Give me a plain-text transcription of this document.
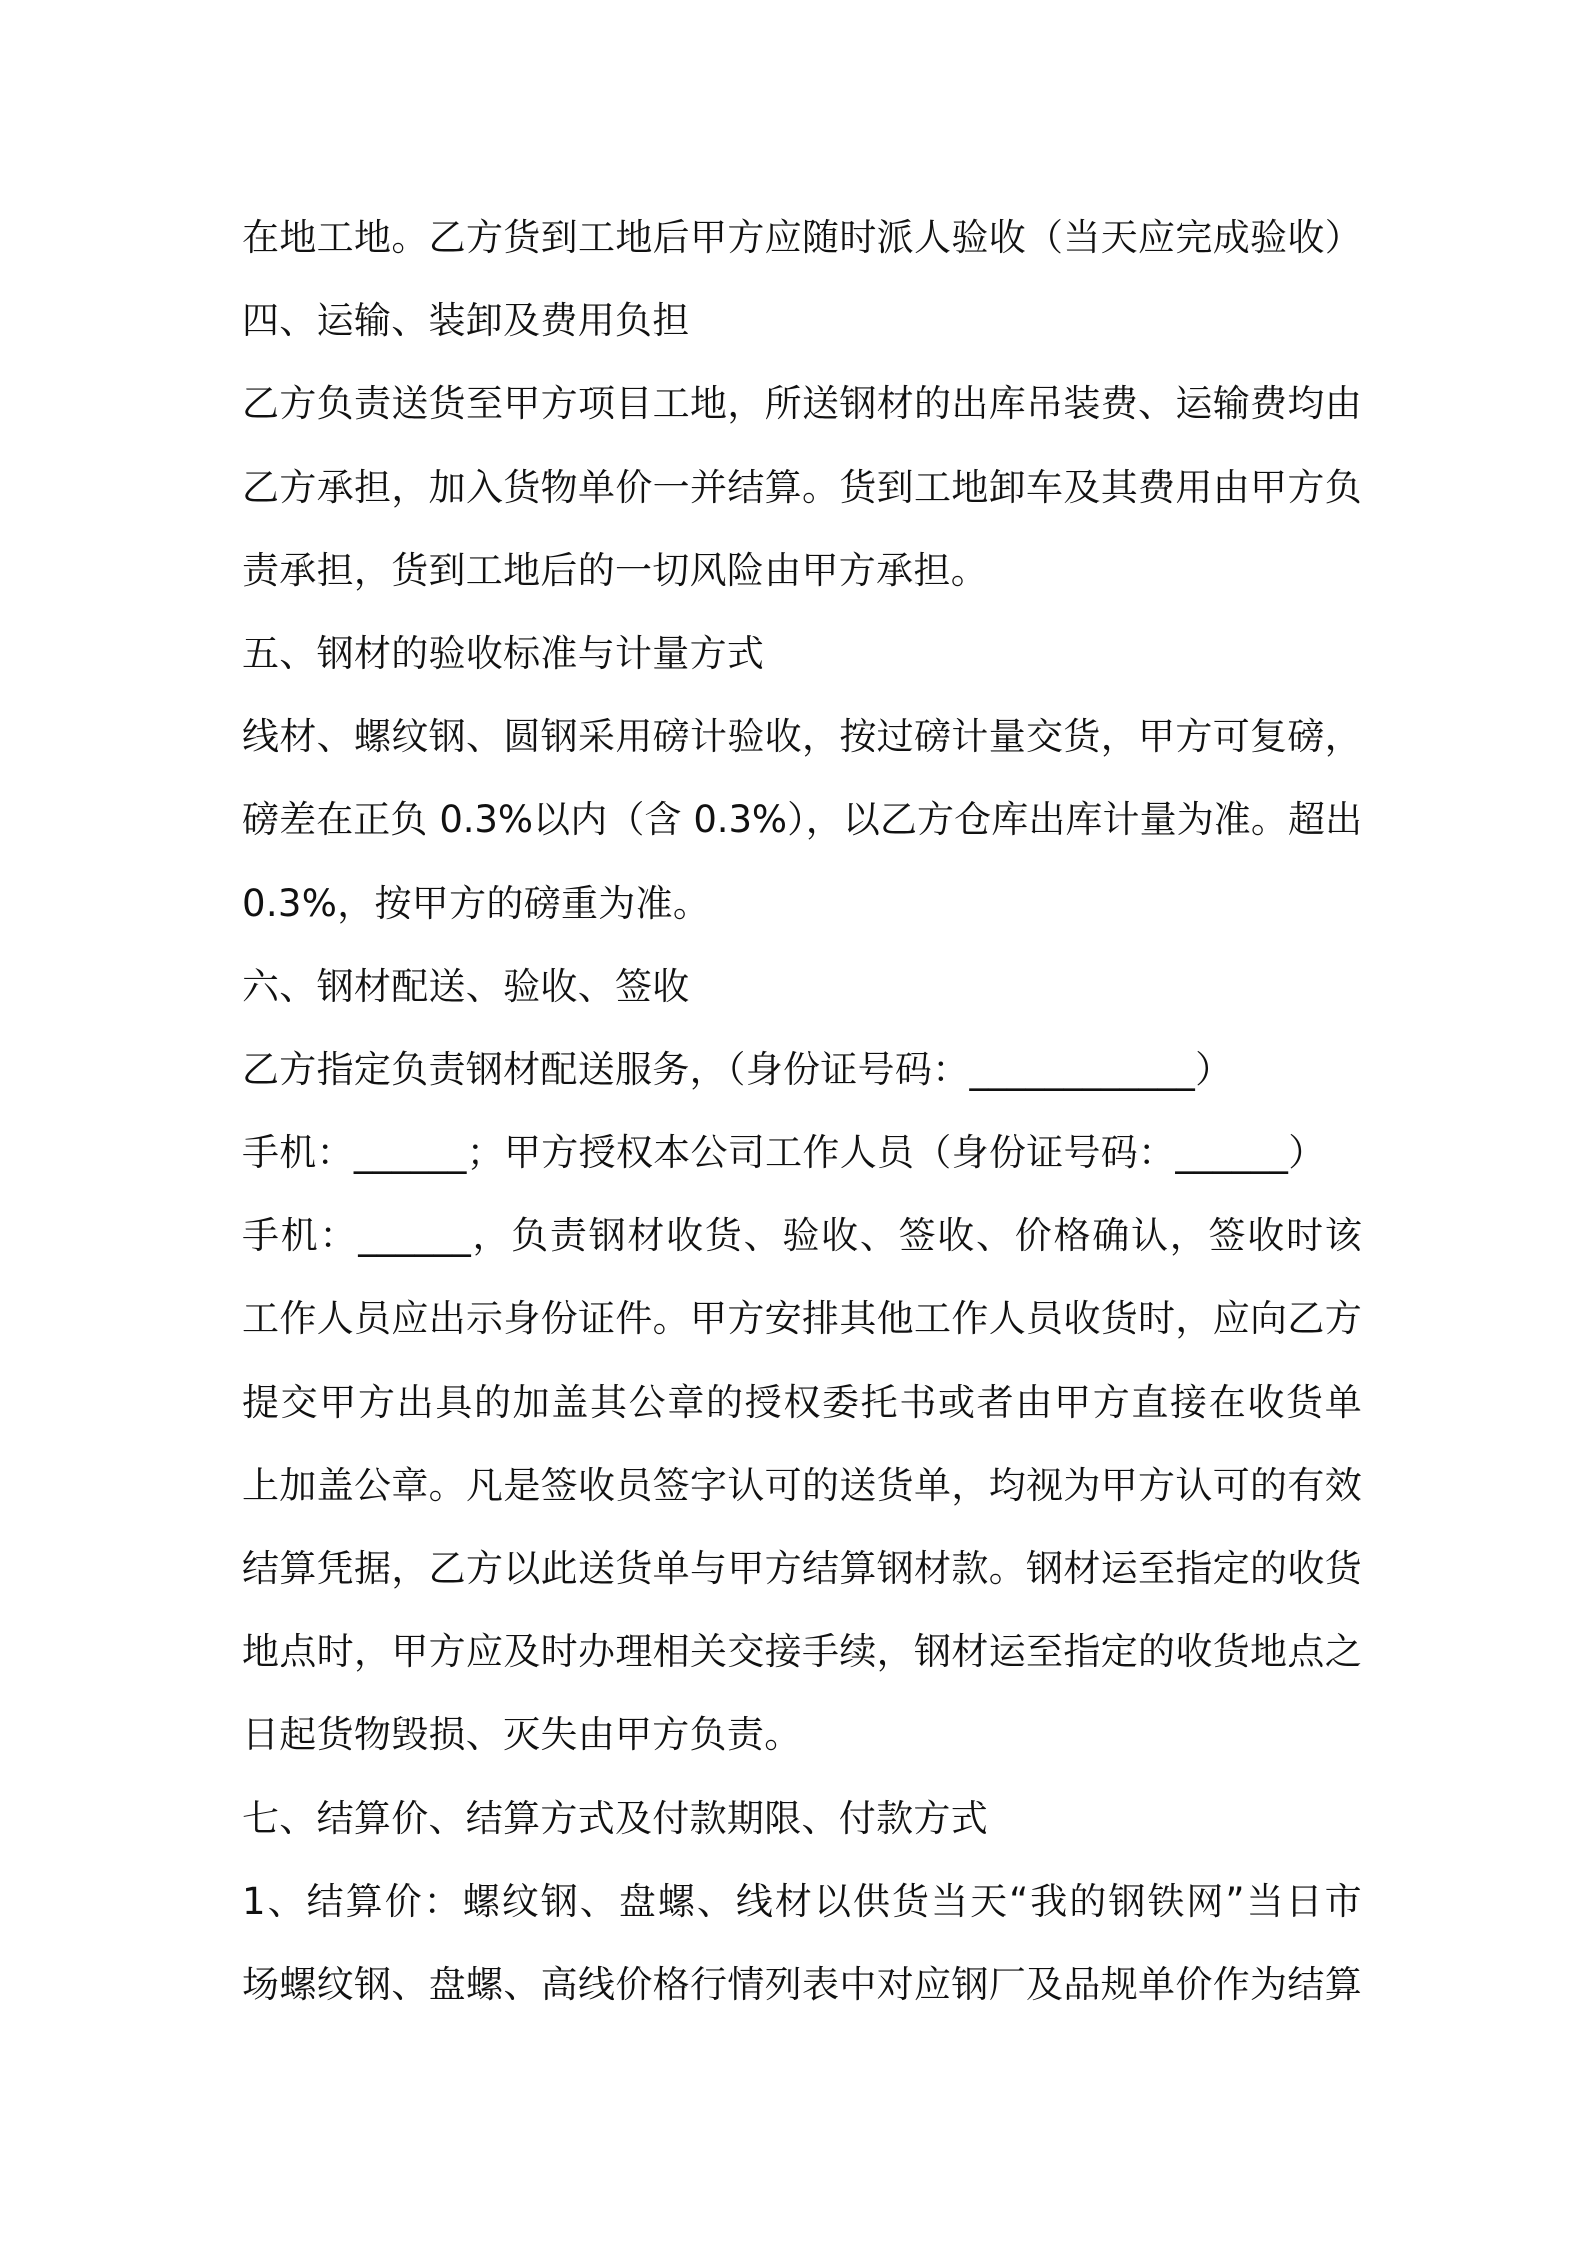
在地工地。乙方货到工地后甲方应随时派人验收（当天应完成验收）
四、运输、装卸及费用负担
乙方负责送货至甲方项目工地，所送钢材的出库吊装费、运输费均由
乙方承担，加入货物单价一并结算。货到工地卸车及其费用由甲方负
责承担，货到工地后的一切风险由甲方承担。
五、钢材的验收标准与计量方式
线材、螺纹钢、圆钢采用磅计验收，按过磅计量交货，甲方可复磅，
磅差在正负 0.3%以内（含 0.3%），以乙方仓库出库计量为准。超出
0.3%，按甲方的磅重为准。
六、钢材配送、验收、签收
乙方指定负责钢材配送服务，（身份证号码：____________）
手机：______；甲方授权本公司工作人员（身份证号码：______）
手机：______，负责钢材收货、验收、签收、价格确认，签收时该
工作人员应出示身份证件。甲方安排其他工作人员收货时，应向乙方
提交甲方出具的加盖其公章的授权委托书或者由甲方直接在收货单
上加盖公章。凡是签收员签字认可的送货单，均视为甲方认可的有效
结算凭据，乙方以此送货单与甲方结算钢材款。钢材运至指定的收货
地点时，甲方应及时办理相关交接手续，钢材运至指定的收货地点之
日起货物毁损、灭失由甲方负责。
七、结算价、结算方式及付款期限、付款方式
1、结算价：螺纹钢、盘螺、线材以供货当天“我的钢铁网”当日市
场螺纹钢、盘螺、高线价格行情列表中对应钢厂及品规单价作为结算
